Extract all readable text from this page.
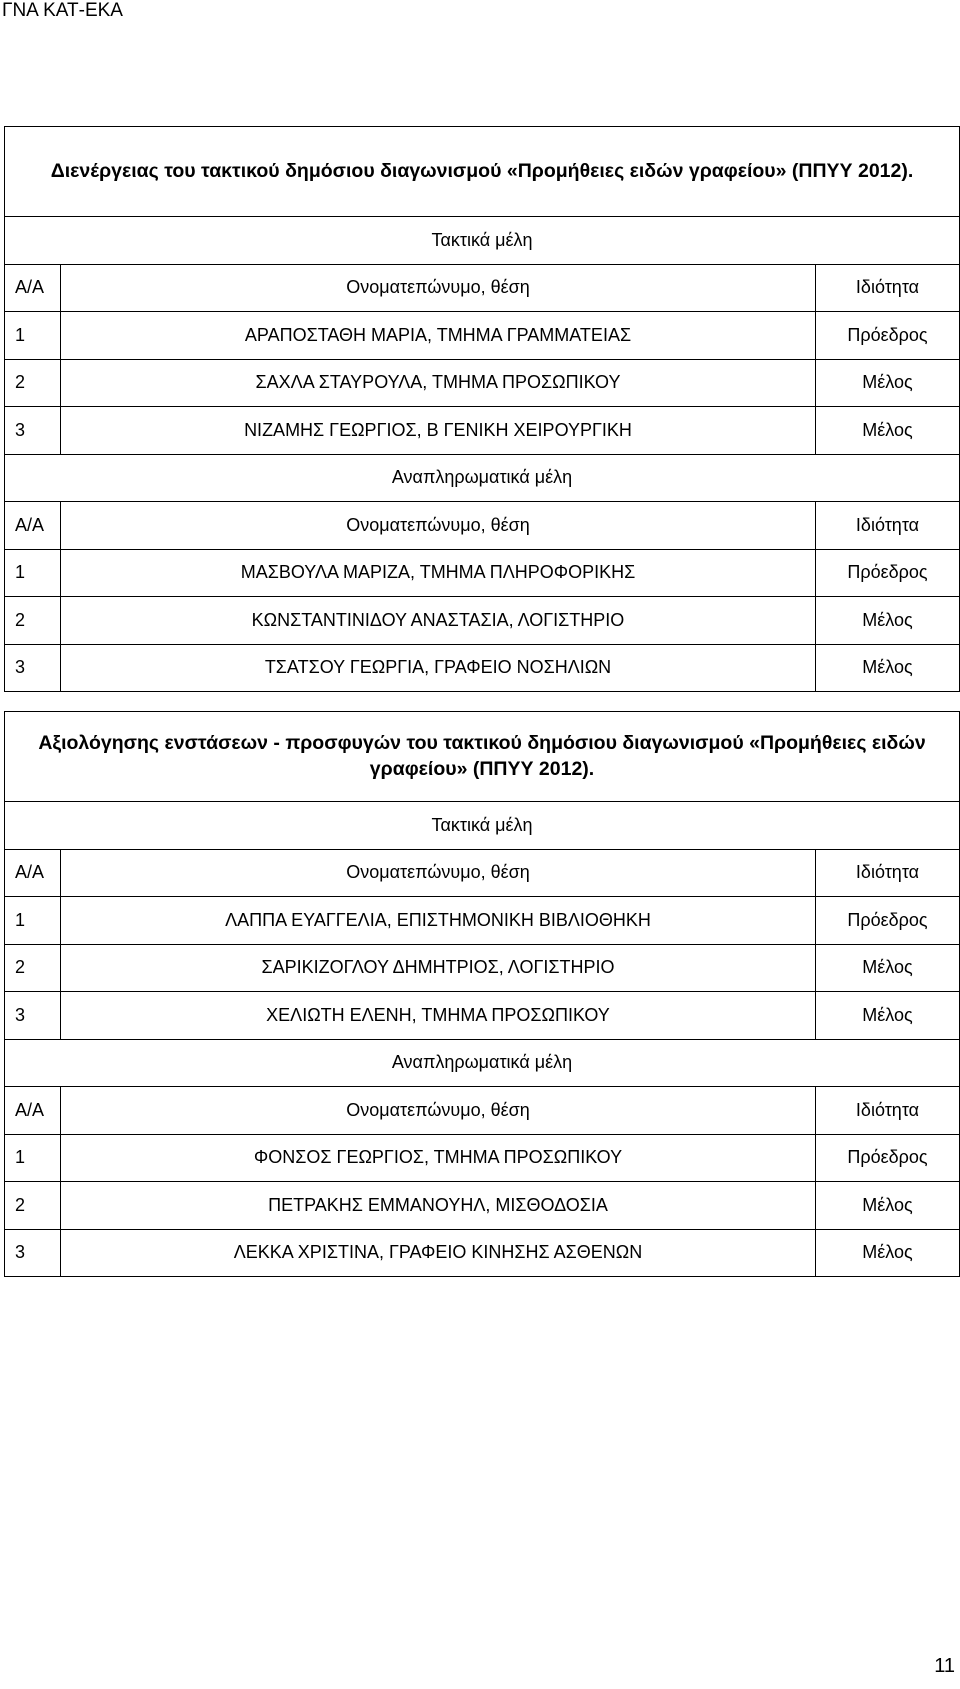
ΓΝΑ ΚΑΤ-ΕΚΑ
Διενέργειας του τακτικού δημόσιου διαγωνισμού «Προμήθειες ειδών γραφείου» (ΠΠΥΥ 2012).		
Τακτικά μέλη		
Α/Α	Ονοματεπώνυμο, θέση	Ιδιότητα
1	ΑΡΑΠΟΣΤΑΘΗ ΜΑΡΙΑ, ΤΜΗΜΑ ΓΡΑΜΜΑΤΕΙΑΣ	Πρόεδρος
2	ΣΑΧΛΑ ΣΤΑΥΡΟΥΛΑ, ΤΜΗΜΑ ΠΡΟΣΩΠΙΚΟΥ	Μέλος
3	ΝΙΖΑΜΗΣ ΓΕΩΡΓΙΟΣ, Β ΓΕΝΙΚΗ ΧΕΙΡΟΥΡΓΙΚΗ	Μέλος
Αναπληρωματικά μέλη		
Α/Α	Ονοματεπώνυμο, θέση	Ιδιότητα
1	ΜΑΣΒΟΥΛΑ ΜΑΡΙΖΑ, ΤΜΗΜΑ ΠΛΗΡΟΦΟΡΙΚΗΣ	Πρόεδρος
2	ΚΩΝΣΤΑΝΤΙΝΙΔΟΥ ΑΝΑΣΤΑΣΙΑ, ΛΟΓΙΣΤΗΡΙΟ	Μέλος
3	ΤΣΑΤΣΟΥ ΓΕΩΡΓΙΑ, ΓΡΑΦΕΙΟ ΝΟΣΗΛΙΩΝ	Μέλος
Αξιολόγησης ενστάσεων - προσφυγών του τακτικού δημόσιου διαγωνισμού «Προμήθειες ειδών γραφείου» (ΠΠΥΥ 2012).		
Τακτικά μέλη		
Α/Α	Ονοματεπώνυμο, θέση	Ιδιότητα
1	ΛΑΠΠΑ ΕΥΑΓΓΕΛΙΑ, ΕΠΙΣΤΗΜΟΝΙΚΗ ΒΙΒΛΙΟΘΗΚΗ	Πρόεδρος
2	ΣΑΡΙΚΙΖΟΓΛΟΥ ΔΗΜΗΤΡΙΟΣ, ΛΟΓΙΣΤΗΡΙΟ	Μέλος
3	ΧΕΛΙΩΤΗ ΕΛΕΝΗ, ΤΜΗΜΑ ΠΡΟΣΩΠΙΚΟΥ	Μέλος
Αναπληρωματικά μέλη		
Α/Α	Ονοματεπώνυμο, θέση	Ιδιότητα
1	ΦΟΝΣΟΣ ΓΕΩΡΓΙΟΣ, ΤΜΗΜΑ ΠΡΟΣΩΠΙΚΟΥ	Πρόεδρος
2	ΠΕΤΡΑΚΗΣ ΕΜΜΑΝΟΥΗΛ, ΜΙΣΘΟΔΟΣΙΑ	Μέλος
3	ΛΕΚΚΑ ΧΡΙΣΤΙΝΑ, ΓΡΑΦΕΙΟ ΚΙΝΗΣΗΣ ΑΣΘΕΝΩΝ	Μέλος
11
